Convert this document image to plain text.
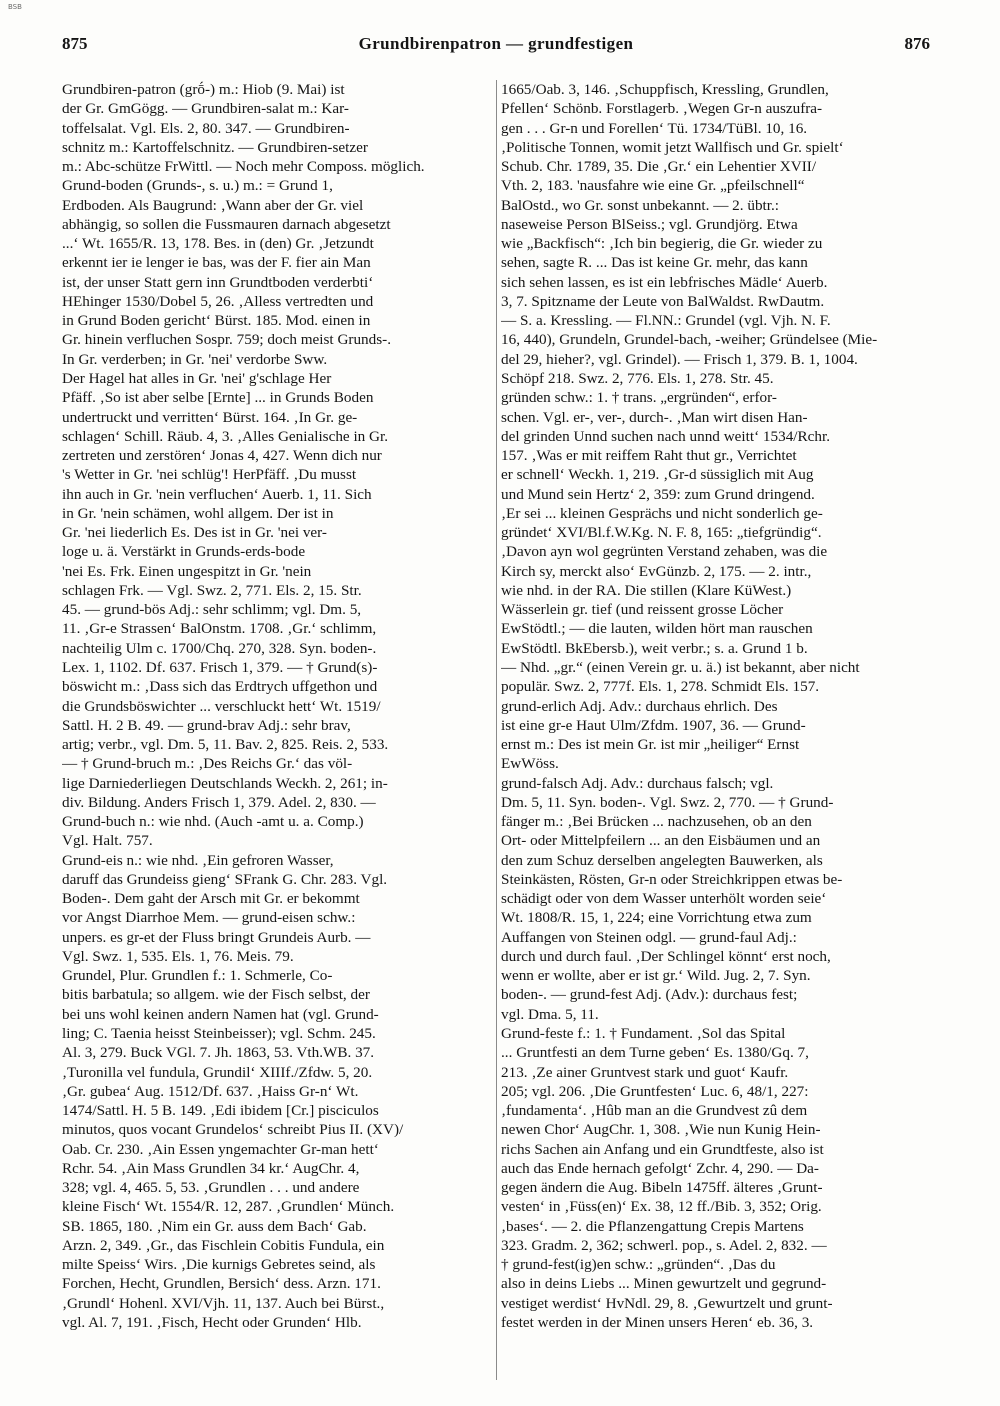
BSB
875	Grundbirenpatron — grundfestigen	876
Grundbiren-patron (grṓ-) m.: Hiob (9. Mai) ist
der Gr. GmGögg. — Grundbiren-salat m.: Kar-
toffelsalat. Vgl. Els. 2, 80. 347. — Grundbiren-
schnitz m.: Kartoffelschnitz. — Grundbiren-setzer
m.: Abc-schütze FrWittl. — Noch mehr Composs. möglich.
Grund-boden (Grunds-, s. u.) m.: = Grund 1,
Erdboden. Als Baugrund: ‚Wann aber der Gr. viel
abhängig, so sollen die Fussmauren darnach abgesetzt
...‘ Wt. 1655/R. 13, 178. Bes. in (den) Gr. ‚Jetzundt
erkennt ier ie lenger ie bas, was der F. fier ain Man
ist, der unser Statt gern inn Grundtboden verderbti‘
HEhinger 1530/Dobel 5, 26. ‚Alless vertredten und
in Grund Boden gericht‘ Bürst. 185. Mod. einen in
Gr. hinein verfluchen Sospr. 759; doch meist Grunds-.
In Gr. verderben; in Gr. 'nei' verdorbe Sww.
Der Hagel hat alles in Gr. 'nei' g'schlage Her
Pfäff. ‚So ist aber selbe [Ernte] ... in Grunds Boden
undertruckt und verritten‘ Bürst. 164. ‚In Gr. ge-
schlagen‘ Schill. Räub. 4, 3. ‚Alles Genialische in Gr.
zertreten und zerstören‘ Jonas 4, 427. Wenn dich nur
's Wetter in Gr. 'nei schlüg'! HerPfäff. ‚Du musst
ihn auch in Gr. 'nein verfluchen‘ Auerb. 1, 11. Sich
in Gr. 'nein schämen, wohl allgem. Der ist in
Gr. 'nei liederlich Es. Des ist in Gr. 'nei ver-
loge u. ä. Verstärkt in Grunds-erds-bode
'nei Es. Frk. Einen ungespitzt in Gr. 'nein
schlagen Frk. — Vgl. Swz. 2, 771. Els. 2, 15. Str.
45. — grund-bös Adj.: sehr schlimm; vgl. Dm. 5,
11. ‚Gr-e Strassen‘ BalOnstm. 1708. ‚Gr.‘ schlimm,
nachteilig Ulm c. 1700/Chq. 270, 328. Syn. boden-.
Lex. 1, 1102. Df. 637. Frisch 1, 379. — † Grund(s)-
böswicht m.: ‚Dass sich das Erdtrych uffgethon und
die Grundsböswichter ... verschluckt hett‘ Wt. 1519/
Sattl. H. 2 B. 49. — grund-brav Adj.: sehr brav,
artig; verbr., vgl. Dm. 5, 11. Bav. 2, 825. Reis. 2, 533.
— † Grund-bruch m.: ‚Des Reichs Gr.‘ das völ-
lige Darniederliegen Deutschlands Weckh. 2, 261; in-
div. Bildung. Anders Frisch 1, 379. Adel. 2, 830. —
Grund-buch n.: wie nhd. (Auch -amt u. a. Comp.)
Vgl. Halt. 757.
Grund-eis n.: wie nhd. ‚Ein gefroren Wasser,
daruff das Grundeiss gieng‘ SFrank G. Chr. 283. Vgl.
Boden-. Dem gaht der Arsch mit Gr. er bekommt
vor Angst Diarrhoe Mem. — grund-eisen schw.:
unpers. es gr-et der Fluss bringt Grundeis Aurb. —
Vgl. Swz. 1, 535. Els. 1, 76. Meis. 79.
Grundel, Plur. Grundlen f.: 1. Schmerle, Co-
bitis barbatula; so allgem. wie der Fisch selbst, der
bei uns wohl keinen andern Namen hat (vgl. Grund-
ling; C. Taenia heisst Steinbeisser); vgl. Schm. 245.
Al. 3, 279. Buck VGl. 7. Jh. 1863, 53. Vth.WB. 37.
‚Turonilla vel fundula, Grundil‘ XIIIf./Zfdw. 5, 20.
‚Gr. gubea‘ Aug. 1512/Df. 637. ‚Haiss Gr-n‘ Wt.
1474/Sattl. H. 5 B. 149. ‚Edi ibidem [Cr.] pisciculos
minutos, quos vocant Grundelos‘ schreibt Pius II. (XV)/
Oab. Cr. 230. ‚Ain Essen yngemachter Gr-man hett‘
Rchr. 54. ‚Ain Mass Grundlen 34 kr.‘ AugChr. 4,
328; vgl. 4, 465. 5, 53. ‚Grundlen . . . und andere
kleine Fisch‘ Wt. 1554/R. 12, 287. ‚Grundlen‘ Münch.
SB. 1865, 180. ‚Nim ein Gr. auss dem Bach‘ Gab.
Arzn. 2, 349. ‚Gr., das Fischlein Cobitis Fundula, ein
milte Speiss‘ Wirs. ‚Die kurnigs Gebretes seind, als
Forchen, Hecht, Grundlen, Bersich‘ dess. Arzn. 171.
‚Grundl‘ Hohenl. XVI/Vjh. 11, 137. Auch bei Bürst.,
vgl. Al. 7, 191. ‚Fisch, Hecht oder Grunden‘ Hlb.
1665/Oab. 3, 146. ‚Schuppfisch, Kressling, Grundlen,
Pfellen‘ Schönb. Forstlagerb. ‚Wegen Gr-n auszufra-
gen . . . Gr-n und Forellen‘ Tü. 1734/TüBl. 10, 16.
‚Politische Tonnen, womit jetzt Wallfisch und Gr. spielt‘
Schub. Chr. 1789, 35. Die ‚Gr.‘ ein Lehentier XVII/
Vth. 2, 183. 'nausfahre wie eine Gr. „pfeilschnell“
BalOstd., wo Gr. sonst unbekannt. — 2. übtr.:
naseweise Person BlSeiss.; vgl. Grundjörg. Etwa
wie „Backfisch“: ‚Ich bin begierig, die Gr. wieder zu
sehen, sagte R. ... Das ist keine Gr. mehr, das kann
sich sehen lassen, es ist ein lebfrisches Mädle‘ Auerb.
3, 7. Spitzname der Leute von BalWaldst. RwDautm.
— S. a. Kressling. — Fl.NN.: Grundel (vgl. Vjh. N. F.
16, 440), Grundeln, Grundel-bach, -weiher; Gründelsee (Mie-
del 29, hieher?, vgl. Grindel). — Frisch 1, 379. B. 1, 1004.
Schöpf 218. Swz. 2, 776. Els. 1, 278. Str. 45.
gründen schw.: 1. † trans. „ergründen“, erfor-
schen. Vgl. er-, ver-, durch-. ‚Man wirt disen Han-
del grinden Unnd suchen nach unnd weitt‘ 1534/Rchr.
157. ‚Was er mit reiffem Raht thut gr., Verrichtet
er schnell‘ Weckh. 1, 219. ‚Gr-d süssiglich mit Aug
und Mund sein Hertz‘ 2, 359: zum Grund dringend.
‚Er sei ... kleinen Gesprächs und nicht sonderlich ge-
gründet‘ XVI/Bl.f.W.Kg. N. F. 8, 165: „tiefgründig“.
‚Davon ayn wol gegrünten Verstand zehaben, was die
Kirch sy, merckt also‘ EvGünzb. 2, 175. — 2. intr.,
wie nhd. in der RA. Die stillen (Klare KüWest.)
Wässerlein gr. tief (und reissent grosse Löcher
EwStödtl.; — die lauten, wilden hört man rauschen
EwStödtl. BkEbersb.), weit verbr.; s. a. Grund 1 b.
— Nhd. „gr.“ (einen Verein gr. u. ä.) ist bekannt, aber nicht
populär. Swz. 2, 777f. Els. 1, 278. Schmidt Els. 157.
grund-erlich Adj. Adv.: durchaus ehrlich. Des
ist eine gr-e Haut Ulm/Zfdm. 1907, 36. — Grund-
ernst m.: Des ist mein Gr. ist mir „heiliger“ Ernst
EwWöss.
grund-falsch Adj. Adv.: durchaus falsch; vgl.
Dm. 5, 11. Syn. boden-. Vgl. Swz. 2, 770. — † Grund-
fänger m.: ‚Bei Brücken ... nachzusehen, ob an den
Ort- oder Mittelpfeilern ... an den Eisbäumen und an
den zum Schuz derselben angelegten Bauwerken, als
Steinkästen, Rösten, Gr-n oder Streichkrippen etwas be-
schädigt oder von dem Wasser unterhölt worden seie‘
Wt. 1808/R. 15, 1, 224; eine Vorrichtung etwa zum
Auffangen von Steinen odgl. — grund-faul Adj.:
durch und durch faul. ‚Der Schlingel könnt‘ erst noch,
wenn er wollte, aber er ist gr.‘ Wild. Jug. 2, 7. Syn.
boden-. — grund-fest Adj. (Adv.): durchaus fest;
vgl. Dma. 5, 11.
Grund-feste f.: 1. † Fundament. ‚Sol das Spital
... Gruntfesti an dem Turne geben‘ Es. 1380/Gq. 7,
213. ‚Ze ainer Gruntvest stark und guot‘ Kaufr.
205; vgl. 206. ‚Die Gruntfesten‘ Luc. 6, 48/1, 227:
‚fundamenta‘. ‚Hûb man an die Grundvest zû dem
newen Chor‘ AugChr. 1, 308. ‚Wie nun Kunig Hein-
richs Sachen ain Anfang und ein Grundtfeste, also ist
auch das Ende hernach gefolgt‘ Zchr. 4, 290. — Da-
gegen ändern die Aug. Bibeln 1475ff. älteres ‚Grunt-
vesten‘ in ‚Füss(en)‘ Ex. 38, 12 ff./Bib. 3, 352; Orig.
‚bases‘. — 2. die Pflanzengattung Crepis Martens
323. Gradm. 2, 362; schwerl. pop., s. Adel. 2, 832. —
† grund-fest(ig)en schw.: „gründen“. ‚Das du
also in deins Liebs ... Minen gewurtzelt und gegrund-
vestiget werdist‘ HvNdl. 29, 8. ‚Gewurtzelt und grunt-
festet werden in der Minen unsers Heren‘ eb. 36, 3.
